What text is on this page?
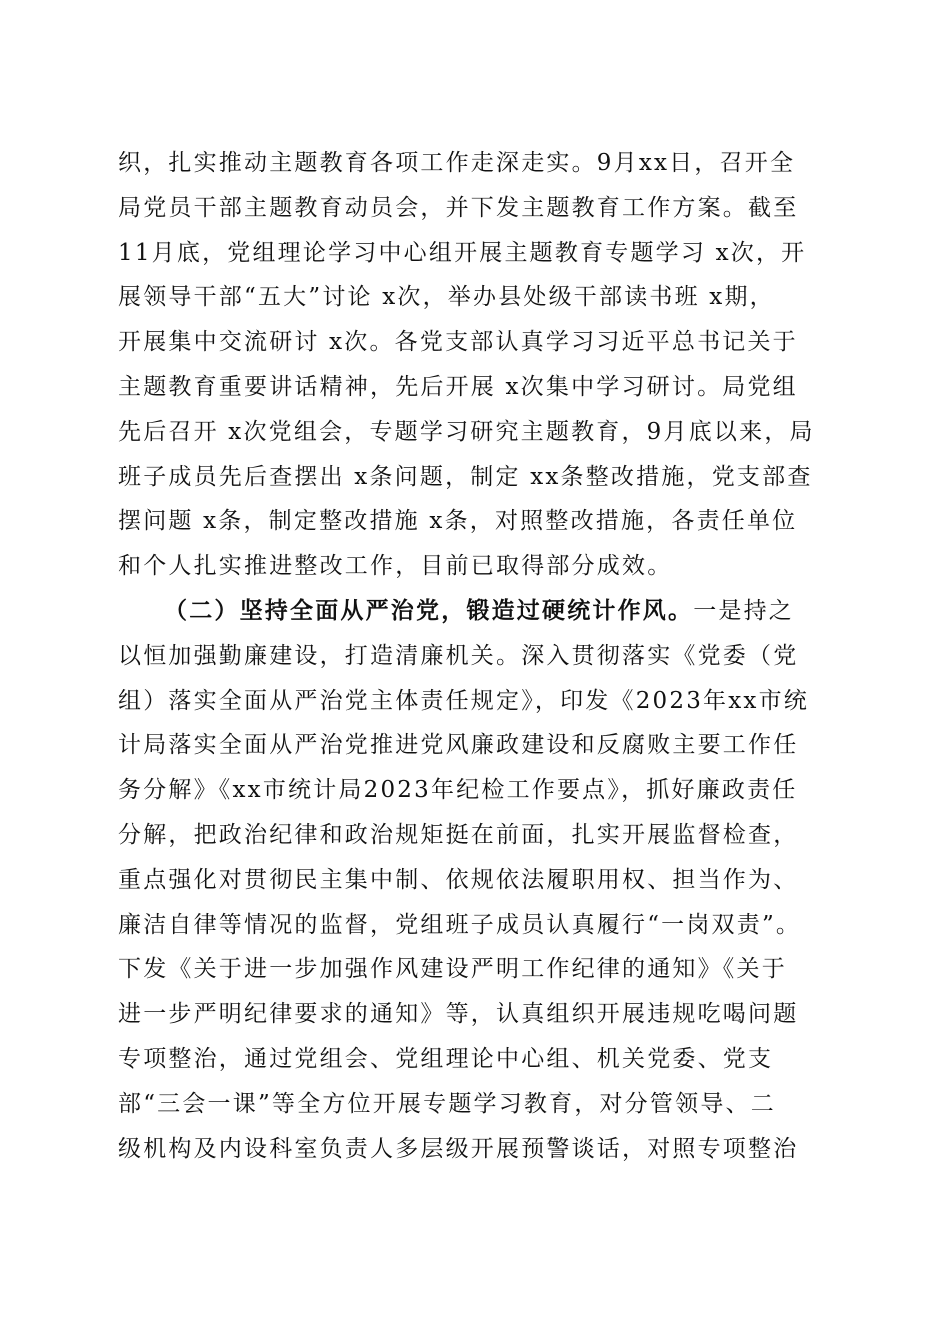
织，扎实推动主题教育各项工作走深走实。9月xx日，召开全
局党员干部主题教育动员会，并下发主题教育工作方案。截至
11月底，党组理论学习中心组开展主题教育专题学习 x次，开
展领导干部“五大”讨论 x次，举办县处级干部读书班 x期，
开展集中交流研讨 x次。各党支部认真学习习近平总书记关于
主题教育重要讲话精神，先后开展 x次集中学习研讨。局党组
先后召开 x次党组会，专题学习研究主题教育，9月底以来，局
班子成员先后查摆出 x条问题，制定 xx条整改措施，党支部查
摆问题 x条，制定整改措施 x条，对照整改措施，各责任单位
和个人扎实推进整改工作，目前已取得部分成效。
（二）坚持全面从严治党，锻造过硬统计作风。一是持之
以恒加强勤廉建设，打造清廉机关。深入贯彻落实《党委（党
组）落实全面从严治党主体责任规定》，印发《2023年xx市统
计局落实全面从严治党推进党风廉政建设和反腐败主要工作任
务分解》《xx市统计局2023年纪检工作要点》，抓好廉政责任
分解，把政治纪律和政治规矩挺在前面，扎实开展监督检查，
重点强化对贯彻民主集中制、依规依法履职用权、担当作为、
廉洁自律等情况的监督，党组班子成员认真履行“一岗双责”。
下发《关于进一步加强作风建设严明工作纪律的通知》《关于
进一步严明纪律要求的通知》等，认真组织开展违规吃喝问题
专项整治，通过党组会、党组理论中心组、机关党委、党支
部“三会一课”等全方位开展专题学习教育，对分管领导、二
级机构及内设科室负责人多层级开展预警谈话，对照专项整治
